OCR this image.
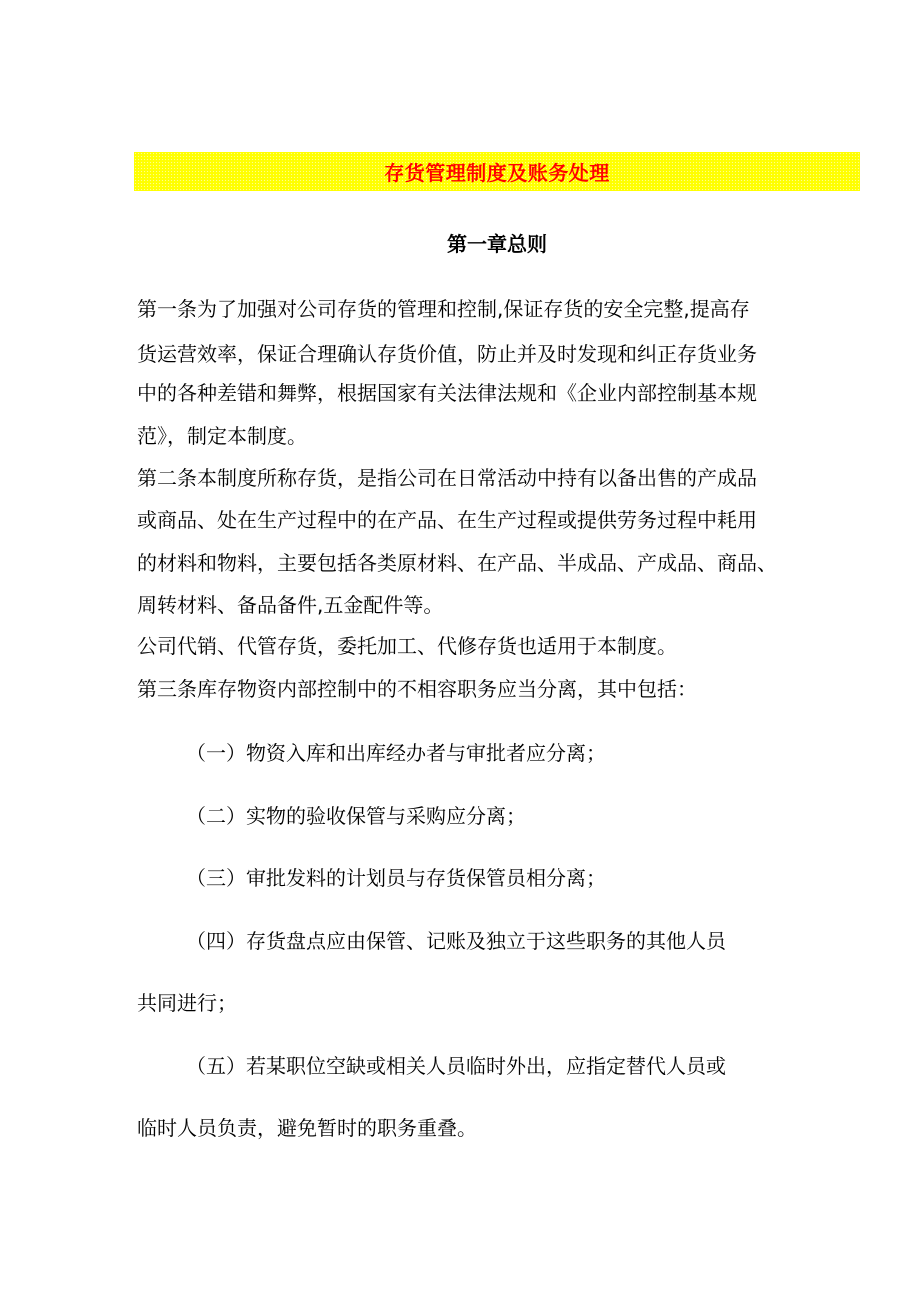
存货管理制度及账务处理
第一章总则
第一条为了加强对公司存货的管理和控制,保证存货的安全完整,提高存
货运营效率，保证合理确认存货价值，防止并及时发现和纠正存货业务
中的各种差错和舞弊，根据国家有关法律法规和《企业内部控制基本规
范》，制定本制度。
第二条本制度所称存货，是指公司在日常活动中持有以备出售的产成品
或商品、处在生产过程中的在产品、在生产过程或提供劳务过程中耗用
的材料和物料，主要包括各类原材料、在产品、半成品、产成品、商品、
周转材料、备品备件,五金配件等。
公司代销、代管存货，委托加工、代修存货也适用于本制度。
第三条库存物资内部控制中的不相容职务应当分离，其中包括：
（一）物资入库和出库经办者与审批者应分离；
（二）实物的验收保管与采购应分离；
（三）审批发料的计划员与存货保管员相分离；
（四）存货盘点应由保管、记账及独立于这些职务的其他人员
共同进行；
（五）若某职位空缺或相关人员临时外出，应指定替代人员或
临时人员负责，避免暂时的职务重叠。
